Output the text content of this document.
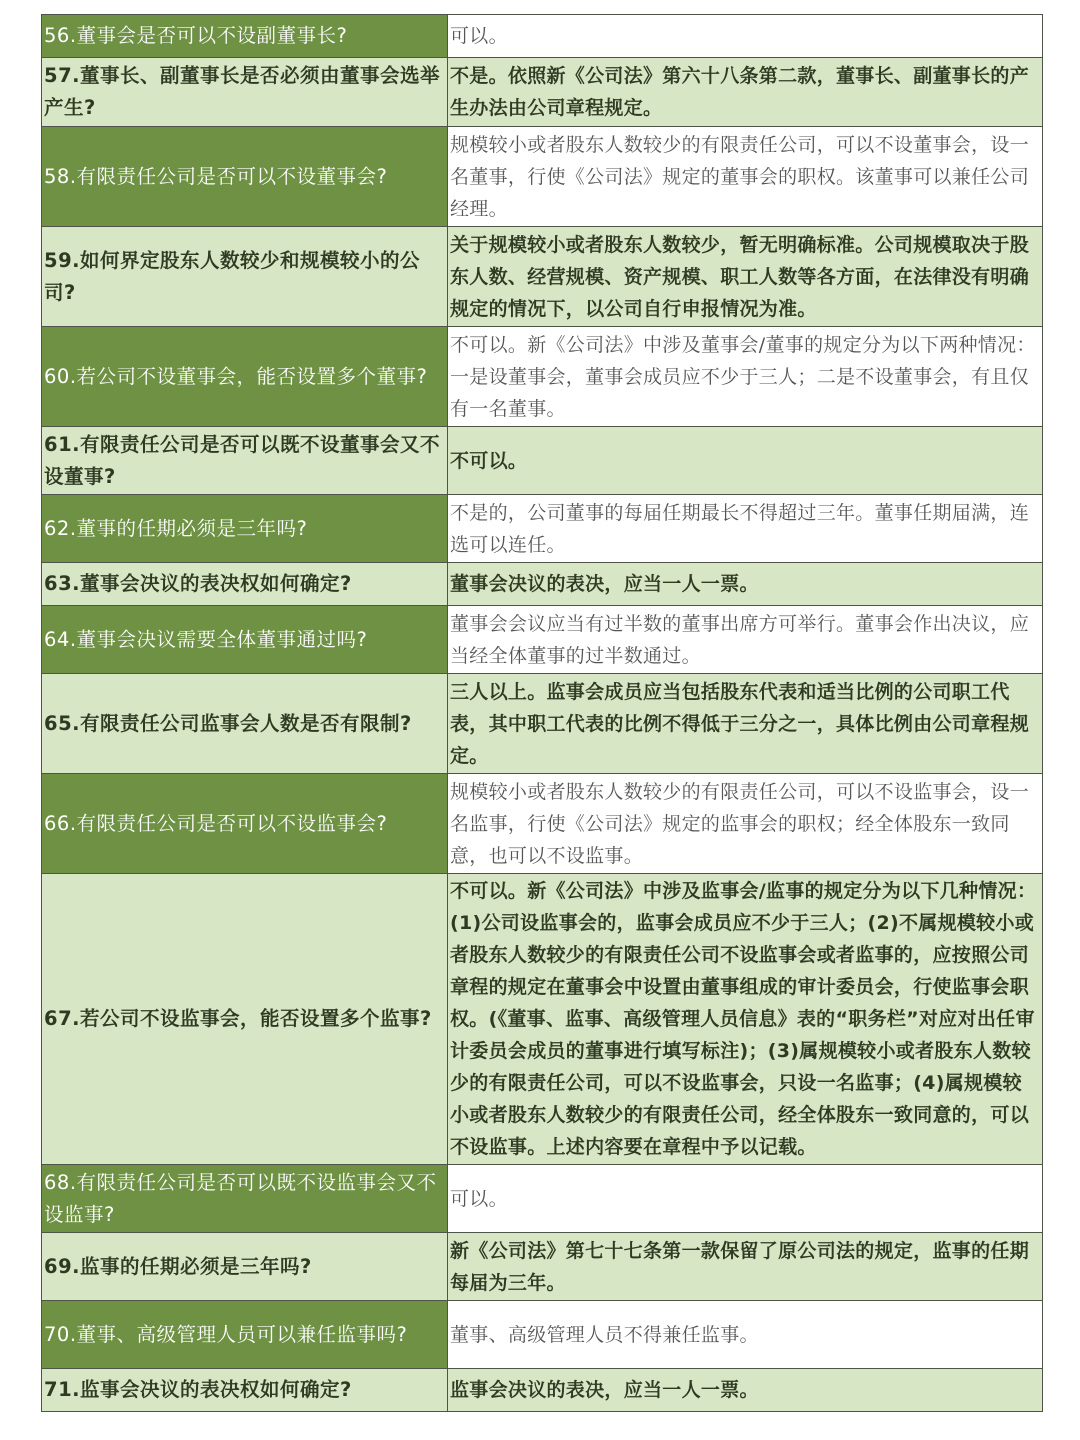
56.董事会是否可以不设副董事长?	可以。
57.董事长、副董事长是否必须由董事会选举产生?	不是。依照新《公司法》第六十八条第二款，董事长、副董事长的产生办法由公司章程规定。
58.有限责任公司是否可以不设董事会?	规模较小或者股东人数较少的有限责任公司，可以不设董事会，设一名董事，行使《公司法》规定的董事会的职权。该董事可以兼任公司经理。
59.如何界定股东人数较少和规模较小的公司?	关于规模较小或者股东人数较少，暂无明确标准。公司规模取决于股东人数、经营规模、资产规模、职工人数等各方面，在法律没有明确规定的情况下，以公司自行申报情况为准。
60.若公司不设董事会，能否设置多个董事?	不可以。新《公司法》中涉及董事会/董事的规定分为以下两种情况：一是设董事会，董事会成员应不少于三人；二是不设董事会，有且仅有一名董事。
61.有限责任公司是否可以既不设董事会又不设董事?	不可以。
62.董事的任期必须是三年吗?	不是的，公司董事的每届任期最长不得超过三年。董事任期届满，连选可以连任。
63.董事会决议的表决权如何确定?	董事会决议的表决，应当一人一票。
64.董事会决议需要全体董事通过吗?	董事会会议应当有过半数的董事出席方可举行。董事会作出决议，应当经全体董事的过半数通过。
65.有限责任公司监事会人数是否有限制?	三人以上。监事会成员应当包括股东代表和适当比例的公司职工代表，其中职工代表的比例不得低于三分之一，具体比例由公司章程规定。
66.有限责任公司是否可以不设监事会?	规模较小或者股东人数较少的有限责任公司，可以不设监事会，设一名监事，行使《公司法》规定的监事会的职权；经全体股东一致同意，也可以不设监事。
67.若公司不设监事会，能否设置多个监事?	不可以。新《公司法》中涉及监事会/监事的规定分为以下几种情况：(1)公司设监事会的，监事会成员应不少于三人；(2)不属规模较小或者股东人数较少的有限责任公司不设监事会或者监事的，应按照公司章程的规定在董事会中设置由董事组成的审计委员会，行使监事会职权。(《董事、监事、高级管理人员信息》表的“职务栏”对应对出任审计委员会成员的董事进行填写标注)；(3)属规模较小或者股东人数较少的有限责任公司，可以不设监事会，只设一名监事；(4)属规模较小或者股东人数较少的有限责任公司，经全体股东一致同意的，可以不设监事。上述内容要在章程中予以记载。
68.有限责任公司是否可以既不设监事会又不设监事?	可以。
69.监事的任期必须是三年吗?	新《公司法》第七十七条第一款保留了原公司法的规定，监事的任期每届为三年。
70.董事、高级管理人员可以兼任监事吗?	董事、高级管理人员不得兼任监事。
71.监事会决议的表决权如何确定?	监事会决议的表决，应当一人一票。
